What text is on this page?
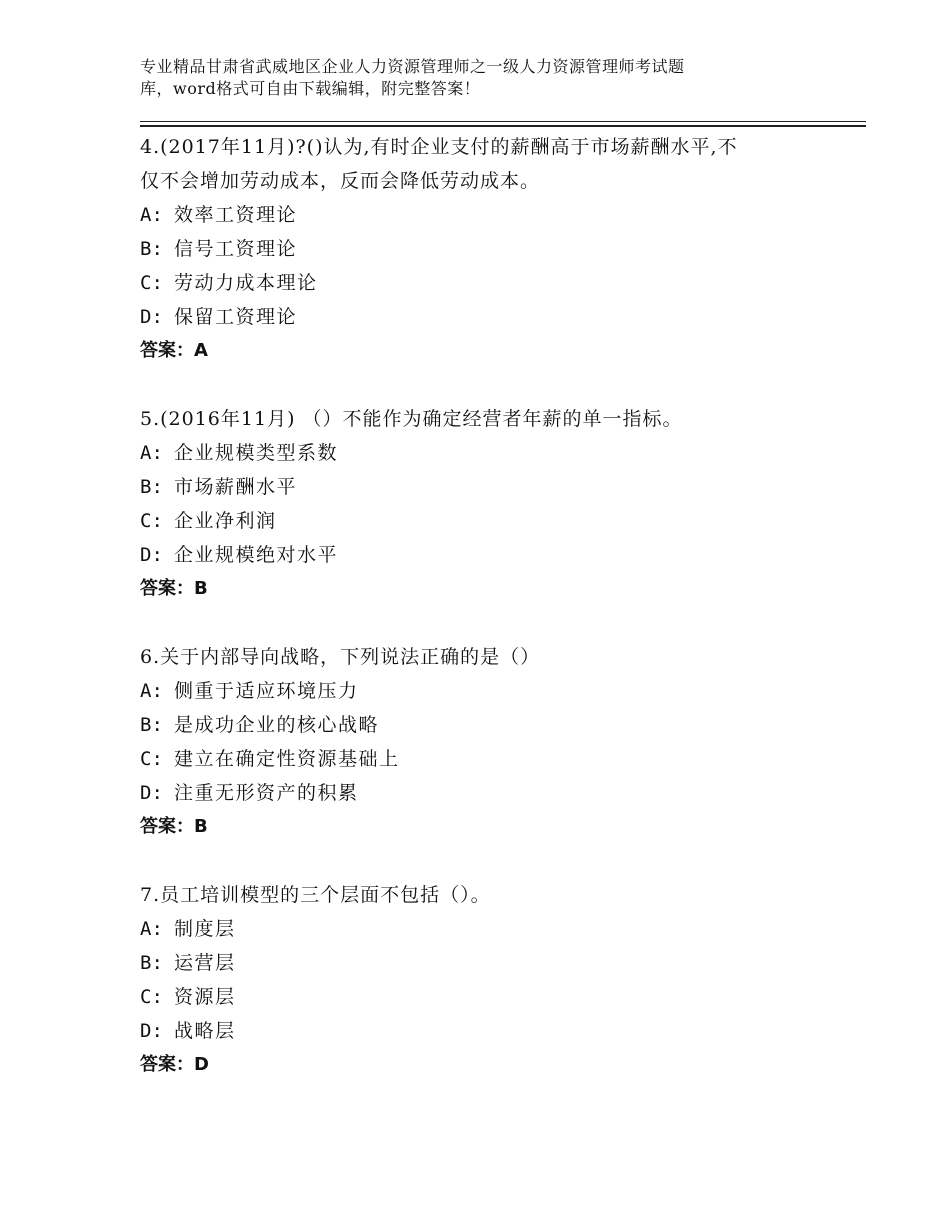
专业精品甘肃省武威地区企业人力资源管理师之一级人力资源管理师考试题
库，word格式可自由下载编辑，附完整答案！
4.(2017年11月)?()认为,有时企业支付的薪酬高于市场薪酬水平,不
仅不会增加劳动成本，反而会降低劳动成本。
A: 效率工资理论
B: 信号工资理论
C: 劳动力成本理论
D: 保留工资理论
答案：A
5.(2016年11月) （）不能作为确定经营者年薪的单一指标。
A: 企业规模类型系数
B: 市场薪酬水平
C: 企业净利润
D: 企业规模绝对水平
答案：B
6.关于内部导向战略，下列说法正确的是（）
A: 侧重于适应环境压力
B: 是成功企业的核心战略
C: 建立在确定性资源基础上
D: 注重无形资产的积累
答案：B
7.员工培训模型的三个层面不包括（）。
A: 制度层
B: 运营层
C: 资源层
D: 战略层
答案：D
